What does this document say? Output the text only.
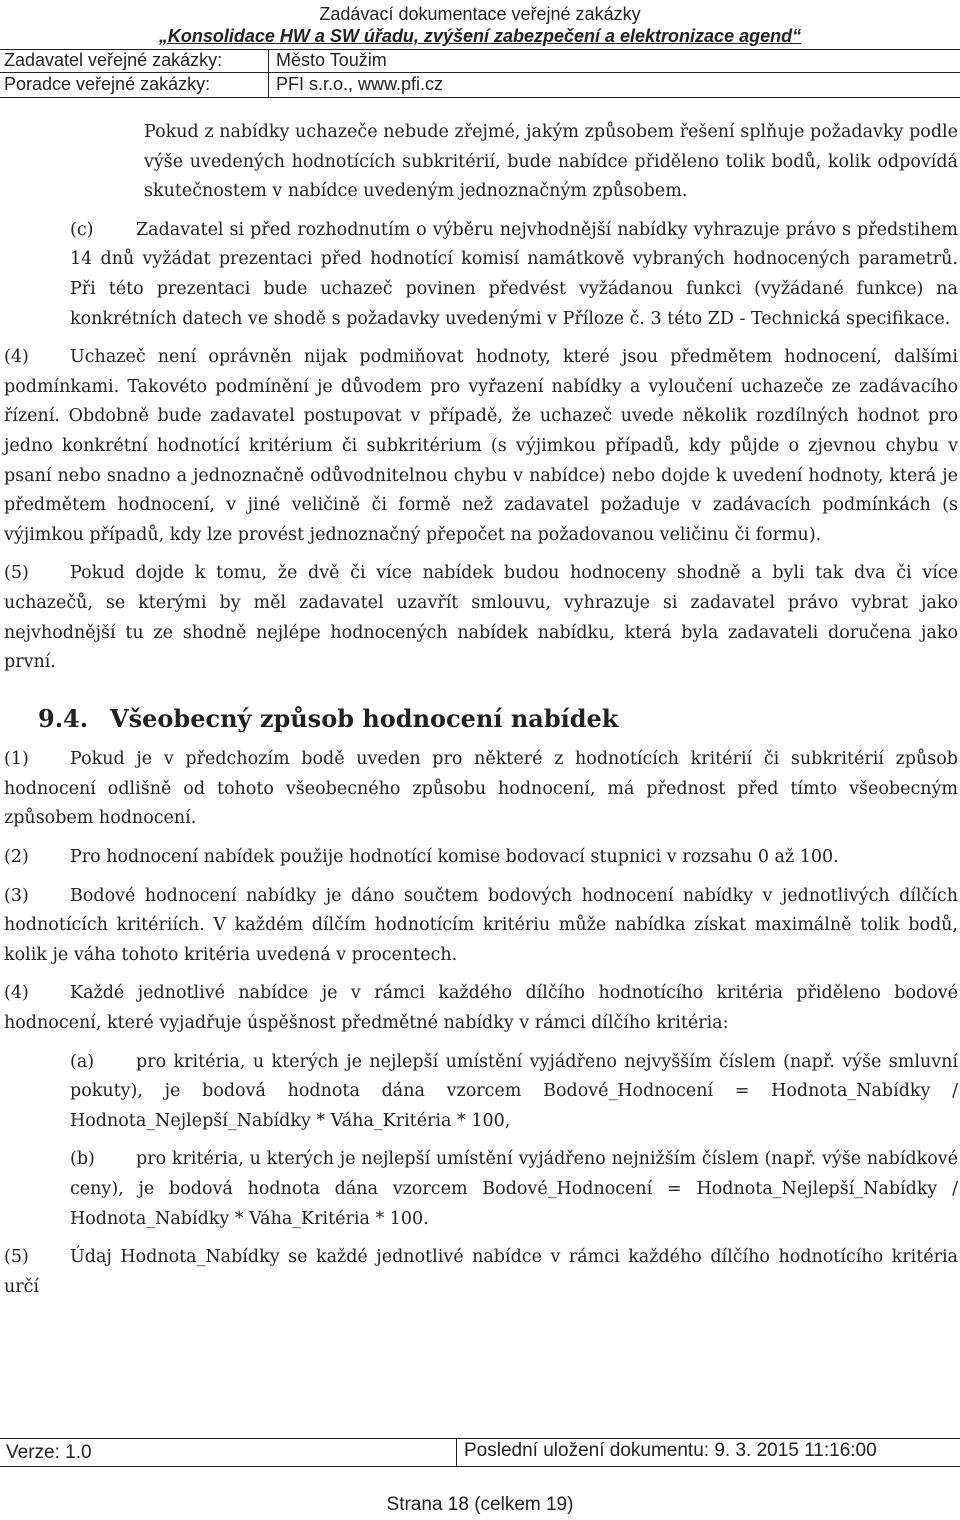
Zadávací dokumentace veřejné zakázky
„Konsolidace HW a SW úřadu, zvýšení zabezpečení a elektronizace agend“
Zadavatel veřejné zakázky:	Město Toužim
Poradce veřejné zakázky:	PFI s.r.o., www.pfi.cz

Pokud z nabídky uchazeče nebude zřejmé, jakým způsobem řešení splňuje požadavky podle výše uvedených hodnotících subkritérií, bude nabídce přiděleno tolik bodů, kolik odpovídá skutečnostem v nabídce uvedeným jednoznačným způsobem.

(c) Zadavatel si před rozhodnutím o výběru nejvhodnější nabídky vyhrazuje právo s předstihem 14 dnů vyžádat prezentaci před hodnotící komisí namátkově vybraných hodnocených parametrů. Při této prezentaci bude uchazeč povinen předvést vyžádanou funkci (vyžádané funkce) na konkrétních datech ve shodě s požadavky uvedenými v Příloze č. 3 této ZD - Technická specifikace.

(4) Uchazeč není oprávněn nijak podmiňovat hodnoty, které jsou předmětem hodnocení, dalšími podmínkami. Takovéto podmínění je důvodem pro vyřazení nabídky a vyloučení uchazeče ze zadávacího řízení. Obdobně bude zadavatel postupovat v případě, že uchazeč uvede několik rozdílných hodnot pro jedno konkrétní hodnotící kritérium či subkritérium (s výjimkou případů, kdy půjde o zjevnou chybu v psaní nebo snadno a jednoznačně odůvodnitelnou chybu v nabídce) nebo dojde k uvedení hodnoty, která je předmětem hodnocení, v jiné veličině či formě než zadavatel požaduje v zadávacích podmínkách (s výjimkou případů, kdy lze provést jednoznačný přepočet na požadovanou veličinu či formu).

(5) Pokud dojde k tomu, že dvě či více nabídek budou hodnoceny shodně a byli tak dva či více uchazečů, se kterými by měl zadavatel uzavřít smlouvu, vyhrazuje si zadavatel právo vybrat jako nejvhodnější tu ze shodně nejlépe hodnocených nabídek nabídku, která byla zadavateli doručena jako první.

9.4. Všeobecný způsob hodnocení nabídek

(1) Pokud je v předchozím bodě uveden pro některé z hodnotících kritérií či subkritérií způsob hodnocení odlišně od tohoto všeobecného způsobu hodnocení, má přednost před tímto všeobecným způsobem hodnocení.

(2) Pro hodnocení nabídek použije hodnotící komise bodovací stupnici v rozsahu 0 až 100.

(3) Bodové hodnocení nabídky je dáno součtem bodových hodnocení nabídky v jednotlivých dílčích hodnotících kritériích. V každém dílčím hodnotícím kritériu může nabídka získat maximálně tolik bodů, kolik je váha tohoto kritéria uvedená v procentech.

(4) Každé jednotlivé nabídce je v rámci každého dílčího hodnotícího kritéria přiděleno bodové hodnocení, které vyjadřuje úspěšnost předmětné nabídky v rámci dílčího kritéria:

(a) pro kritéria, u kterých je nejlepší umístění vyjádřeno nejvyšším číslem (např. výše smluvní pokuty), je bodová hodnota dána vzorcem Bodové_Hodnocení = Hodnota_Nabídky / Hodnota_Nejlepší_Nabídky * Váha_Kritéria * 100,

(b) pro kritéria, u kterých je nejlepší umístění vyjádřeno nejnižším číslem (např. výše nabídkové ceny), je bodová hodnota dána vzorcem Bodové_Hodnocení = Hodnota_Nejlepší_Nabídky / Hodnota_Nabídky * Váha_Kritéria * 100.

(5) Údaj Hodnota_Nabídky se každé jednotlivé nabídce v rámci každého dílčího hodnotícího kritéria určí

Verze: 1.0	Poslední uložení dokumentu: 9. 3. 2015 11:16:00
Strana 18 (celkem 19)
